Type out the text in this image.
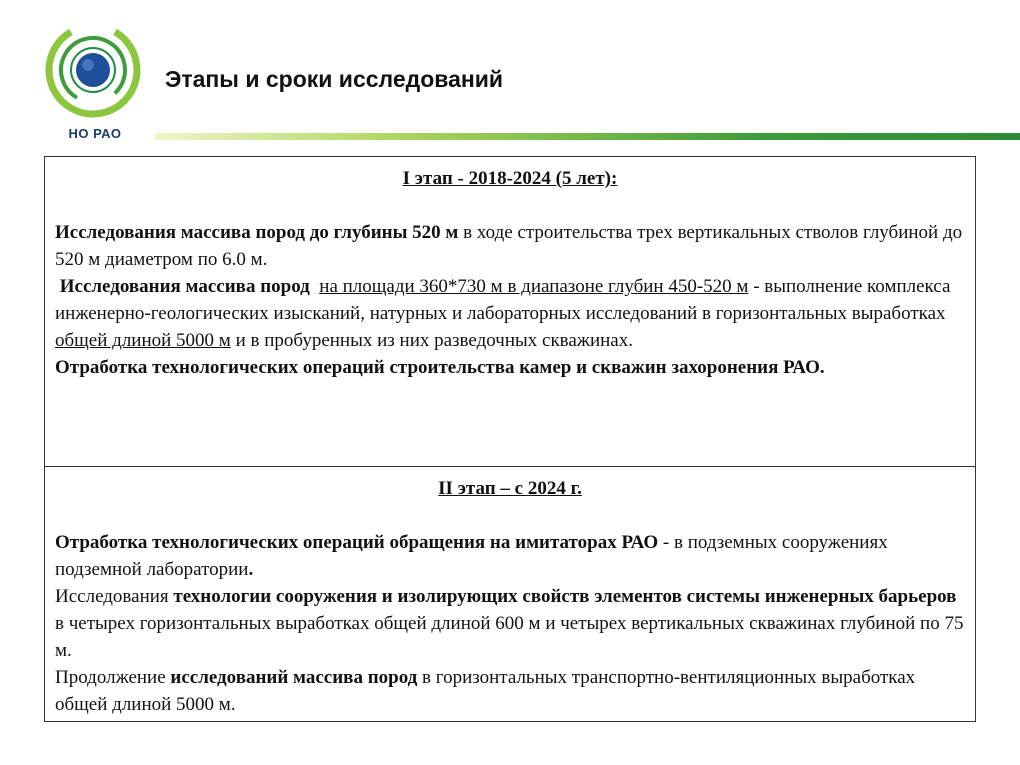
НО РАО
Этапы и сроки исследований
I этап - 2018-2024 (5 лет):

Исследования массива пород до глубины 520 м в ходе строительства трех вертикальных стволов глубиной до 520 м диаметром по 6.0 м.

Исследования массива пород на площади 360*730 м в диапазоне глубин 450-520 м - выполнение комплекса инженерно-геологических изысканий, натурных и лабораторных исследований в горизонтальных выработках общей длиной 5000 м и в пробуренных из них разведочных скважинах.

Отработка технологических операций строительства камер и скважин захоронения РАО.

II этап – с 2024 г.

Отработка технологических операций обращения на имитаторах РАО - в подземных сооружениях подземной лаборатории.

Исследования технологии сооружения и изолирующих свойств элементов системы инженерных барьеров в четырех горизонтальных выработках общей длиной 600 м и четырех вертикальных скважинах глубиной по 75 м.

Продолжение исследований массива пород в горизонтальных транспортно-вентиляционных выработках общей длиной 5000 м.
